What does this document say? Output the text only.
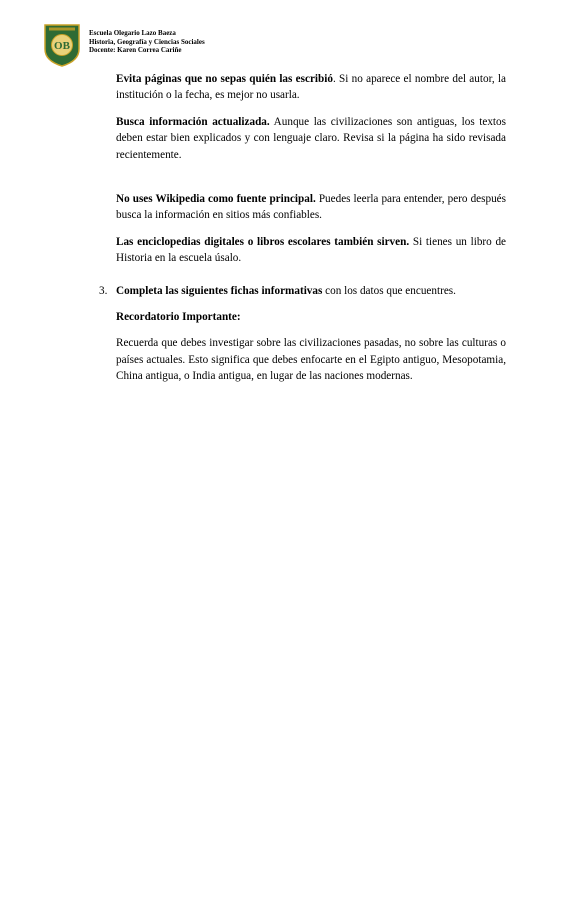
OB
Escuela Olegario Lazo Baeza
Historia, Geografía y Ciencias Sociales
Docente: Karen Correa Cariñe

Evita páginas que no sepas quién las escribió. Si no aparece el nombre del autor, la institución o la fecha, es mejor no usarla.

Busca información actualizada. Aunque las civilizaciones son antiguas, los textos deben estar bien explicados y con lenguaje claro. Revisa si la página ha sido revisada recientemente.

No uses Wikipedia como fuente principal. Puedes leerla para entender, pero después busca la información en sitios más confiables.

Las enciclopedias digitales o libros escolares también sirven. Si tienes un libro de Historia en la escuela úsalo.

3. Completa las siguientes fichas informativas con los datos que encuentres.

Recordatorio Importante:

Recuerda que debes investigar sobre las civilizaciones pasadas, no sobre las culturas o países actuales. Esto significa que debes enfocarte en el Egipto antiguo, Mesopotamia, China antigua, o India antigua, en lugar de las naciones modernas.
